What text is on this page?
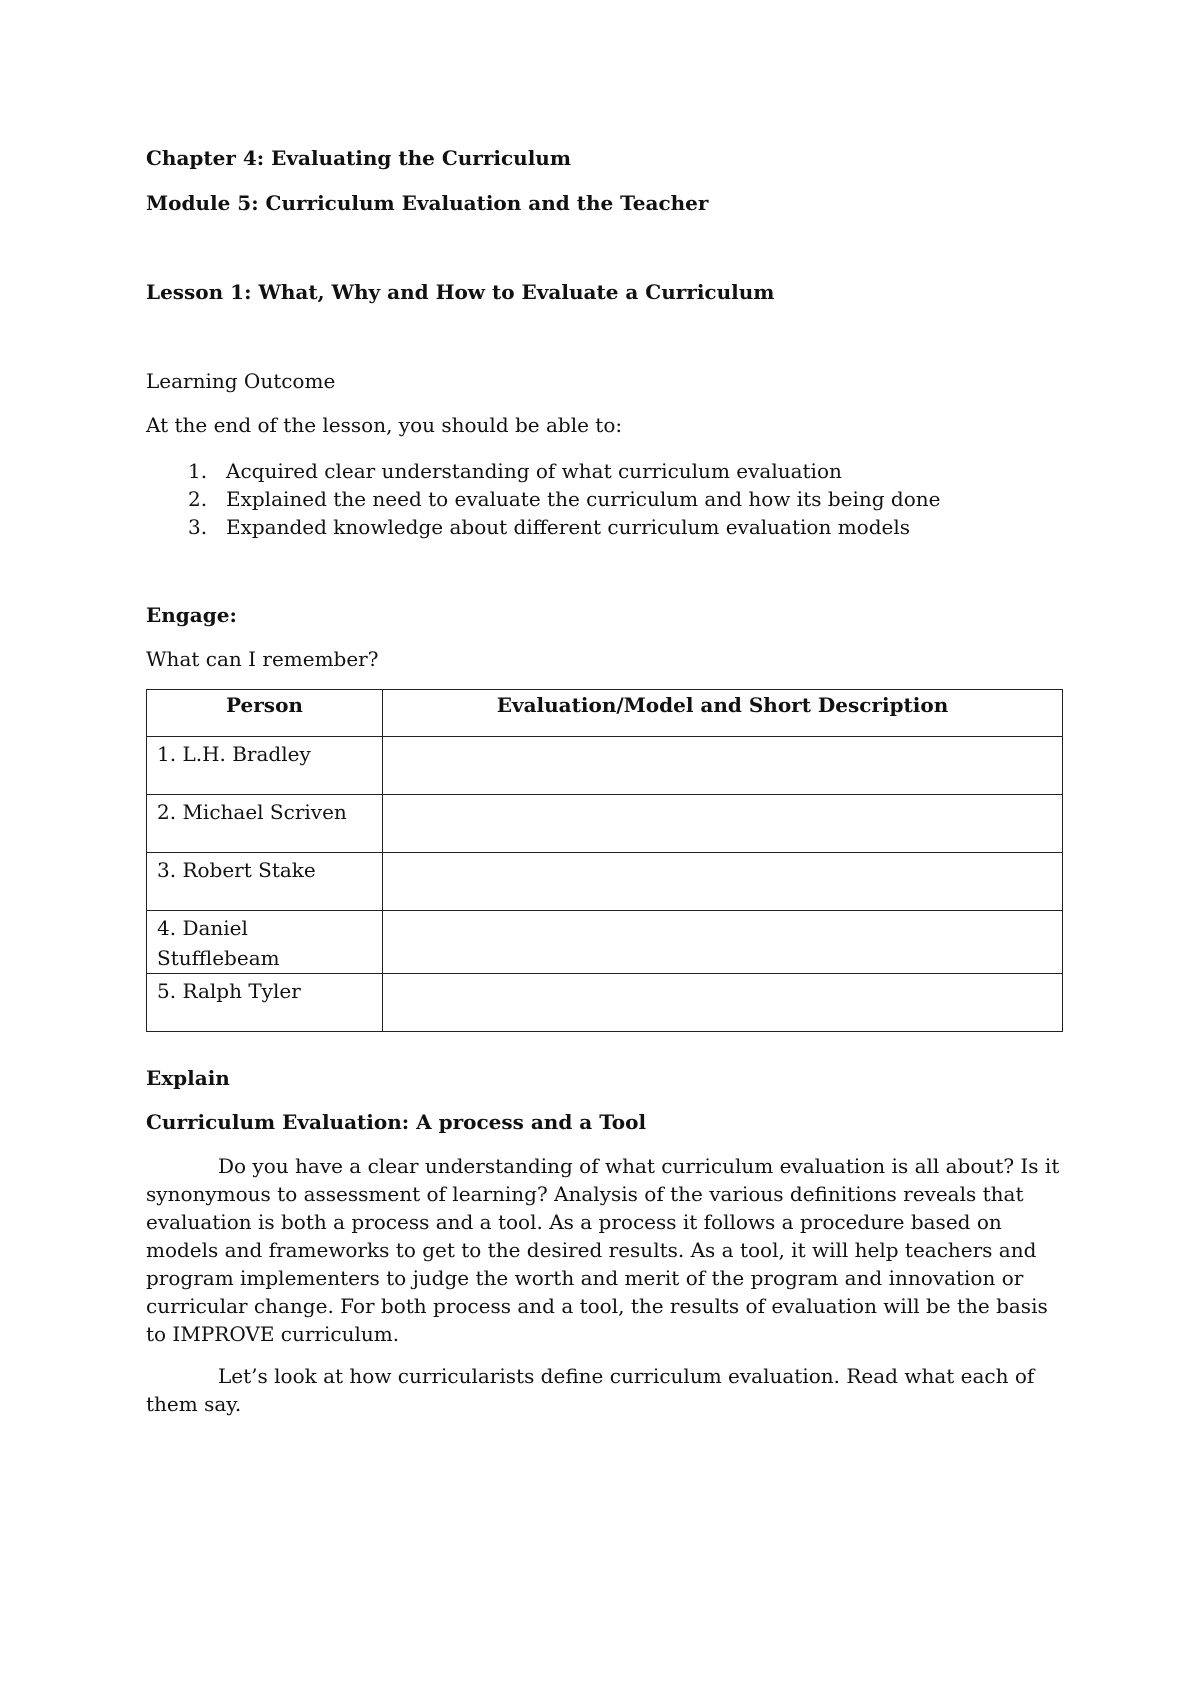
Chapter 4: Evaluating the Curriculum
Module 5: Curriculum Evaluation and the Teacher
Lesson 1: What, Why and How to Evaluate a Curriculum
Learning Outcome
At the end of the lesson, you should be able to:
1. Acquired clear understanding of what curriculum evaluation
2. Explained the need to evaluate the curriculum and how its being done
3. Expanded knowledge about different curriculum evaluation models
Engage:
What can I remember?
Person	Evaluation/Model and Short Description
1. L.H. Bradley	
2. Michael Scriven	
3. Robert Stake	
4. Daniel Stufflebeam	
5. Ralph Tyler	
Explain
Curriculum Evaluation: A process and a Tool

Do you have a clear understanding of what curriculum evaluation is all about? Is it synonymous to assessment of learning? Analysis of the various definitions reveals that evaluation is both a process and a tool. As a process it follows a procedure based on models and frameworks to get to the desired results. As a tool, it will help teachers and program implementers to judge the worth and merit of the program and innovation or curricular change. For both process and a tool, the results of evaluation will be the basis to IMPROVE curriculum.

Let’s look at how curricularists define curriculum evaluation. Read what each of them say.
